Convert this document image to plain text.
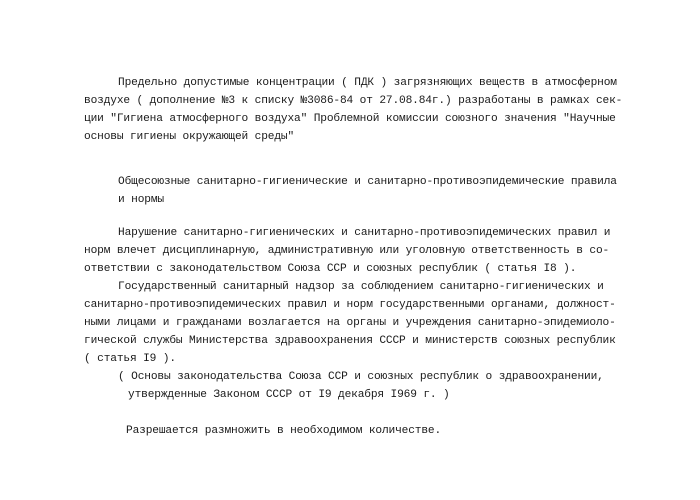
Предельно допустимые концентрации ( ПДК ) загрязняющих веществ в атмосферном
воздухе ( дополнение №3 к списку №3086-84 от 27.08.84г.) разработаны в рамках сек-
ции "Гигиена атмосферного воздуха" Проблемной комиссии союзного значения "Научные
основы гигиены окружающей среды"
Общесоюзные санитарно-гигиенические и санитарно-противоэпидемические правила
и нормы
Нарушение санитарно-гигиенических и санитарно-противоэпидемических правил и
норм влечет дисциплинарную, административную или уголовную ответственность в со-
ответствии с законодательством Союза ССР и союзных республик ( статья I8 ).
Государственный санитарный надзор за соблюдением санитарно-гигиенических и
санитарно-противоэпидемических правил и норм государственными органами, должност-
ными лицами и гражданами возлагается на органы и учреждения санитарно-эпидемиоло-
гической службы Министерства здравоохранения СССР и министерств союзных республик
( статья I9 ).
( Основы законодательства Союза ССР и союзных республик о здравоохранении,
утвержденные Законом СССР от I9 декабря I969 г. )
Разрешается размножить в необходимом количестве.
